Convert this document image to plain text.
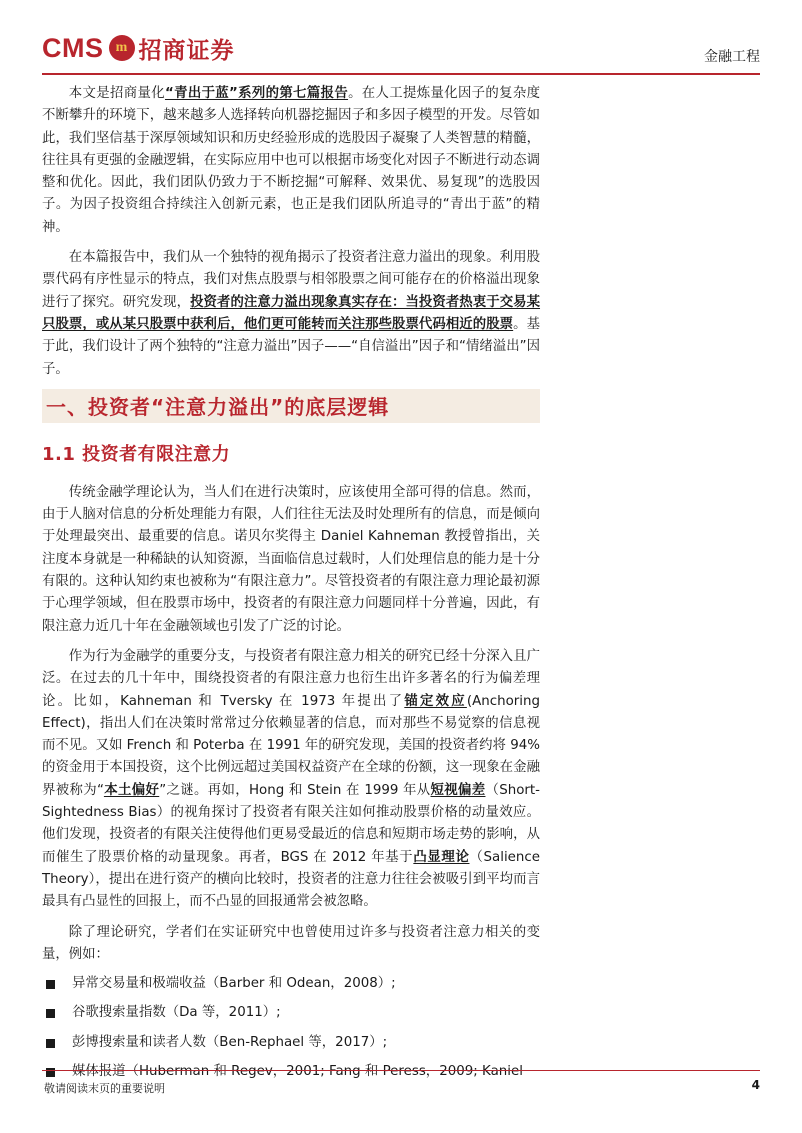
CMS m 招商证券	金融工程

本文是招商量化“青出于蓝”系列的第七篇报告。在人工提炼量化因子的复杂度不断攀升的环境下，越来越多人选择转向机器挖掘因子和多因子模型的开发。尽管如此，我们坚信基于深厚领域知识和历史经验形成的选股因子凝聚了人类智慧的精髓，往往具有更强的金融逻辑，在实际应用中也可以根据市场变化对因子不断进行动态调整和优化。因此，我们团队仍致力于不断挖掘“可解释、效果优、易复现”的选股因子。为因子投资组合持续注入创新元素，也正是我们团队所追寻的“青出于蓝”的精神。

在本篇报告中，我们从一个独特的视角揭示了投资者注意力溢出的现象。利用股票代码有序性显示的特点，我们对焦点股票与相邻股票之间可能存在的价格溢出现象进行了探究。研究发现，投资者的注意力溢出现象真实存在：当投资者热衷于交易某只股票，或从某只股票中获利后，他们更可能转而关注那些股票代码相近的股票。基于此，我们设计了两个独特的“注意力溢出”因子——“自信溢出”因子和“情绪溢出”因子。

一、投资者“注意力溢出”的底层逻辑
1.1 投资者有限注意力

传统金融学理论认为，当人们在进行决策时，应该使用全部可得的信息。然而，由于人脑对信息的分析处理能力有限，人们往往无法及时处理所有的信息，而是倾向于处理最突出、最重要的信息。诺贝尔奖得主 Daniel Kahneman 教授曾指出，关注度本身就是一种稀缺的认知资源，当面临信息过载时，人们处理信息的能力是十分有限的。这种认知约束也被称为“有限注意力”。尽管投资者的有限注意力理论最初源于心理学领域，但在股票市场中，投资者的有限注意力问题同样十分普遍，因此，有限注意力近几十年在金融领域也引发了广泛的讨论。

作为行为金融学的重要分支，与投资者有限注意力相关的研究已经十分深入且广泛。在过去的几十年中，围绕投资者的有限注意力也衍生出许多著名的行为偏差理论。比如，Kahneman 和 Tversky 在 1973 年提出了锚定效应(Anchoring Effect)，指出人们在决策时常常过分依赖显著的信息，而对那些不易觉察的信息视而不见。又如 French 和 Poterba 在 1991 年的研究发现，美国的投资者约将 94%的资金用于本国投资，这个比例远超过美国权益资产在全球的份额，这一现象在金融界被称为“本土偏好”之谜。再如，Hong 和 Stein 在 1999 年从短视偏差（Short-Sightedness Bias）的视角探讨了投资者有限关注如何推动股票价格的动量效应。他们发现，投资者的有限关注使得他们更易受最近的信息和短期市场走势的影响，从而催生了股票价格的动量现象。再者，BGS 在 2012 年基于凸显理论（Salience Theory），提出在进行资产的横向比较时，投资者的注意力往往会被吸引到平均而言最具有凸显性的回报上，而不凸显的回报通常会被忽略。

除了理论研究，学者们在实证研究中也曾使用过许多与投资者注意力相关的变量，例如：

异常交易量和极端收益（Barber 和 Odean，2008）;
谷歌搜索量指数（Da 等，2011）;
彭博搜索量和读者人数（Ben-Rephael 等，2017）;
媒体报道（Huberman 和 Regev，2001; Fang 和 Peress，2009; Kaniel
敬请阅读末页的重要说明	4
